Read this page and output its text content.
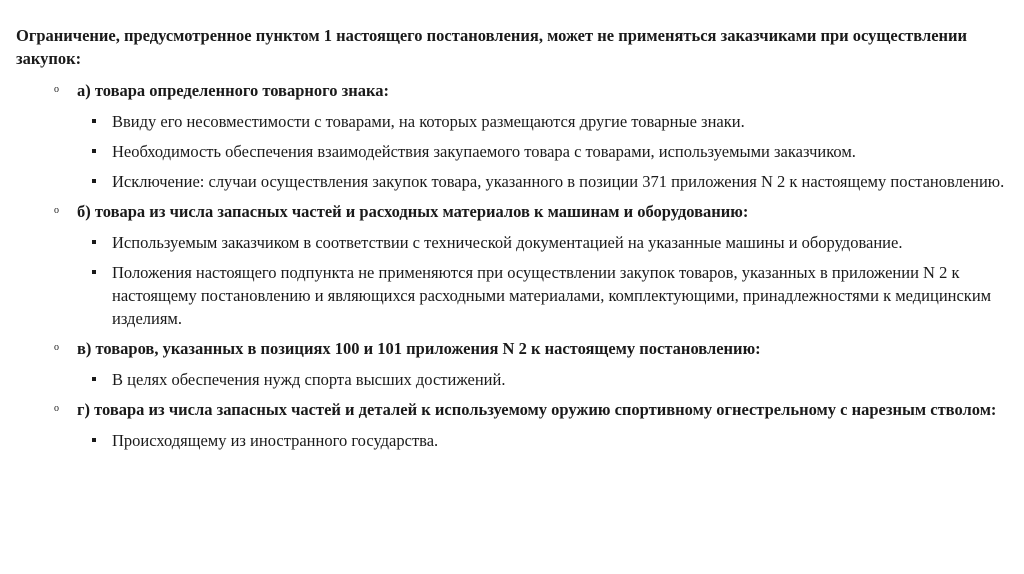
Ограничение, предусмотренное пунктом 1 настоящего постановления, может не применяться заказчиками при осуществлении закупок:

o а) товара определенного товарного знака:
Ввиду его несовместимости с товарами, на которых размещаются другие товарные знаки.
Необходимость обеспечения взаимодействия закупаемого товара с товарами, используемыми заказчиком.
Исключение: случаи осуществления закупок товара, указанного в позиции 371 приложения N 2 к настоящему постановлению.
o б) товара из числа запасных частей и расходных материалов к машинам и оборудованию:
Используемым заказчиком в соответствии с технической документацией на указанные машины и оборудование.
Положения настоящего подпункта не применяются при осуществлении закупок товаров, указанных в приложении N 2 к настоящему постановлению и являющихся расходными материалами, комплектующими, принадлежностями к медицинским изделиям.
o в) товаров, указанных в позициях 100 и 101 приложения N 2 к настоящему постановлению:
В целях обеспечения нужд спорта высших достижений.
o г) товара из числа запасных частей и деталей к используемому оружию спортивному огнестрельному с нарезным стволом:
Происходящему из иностранного государства.
